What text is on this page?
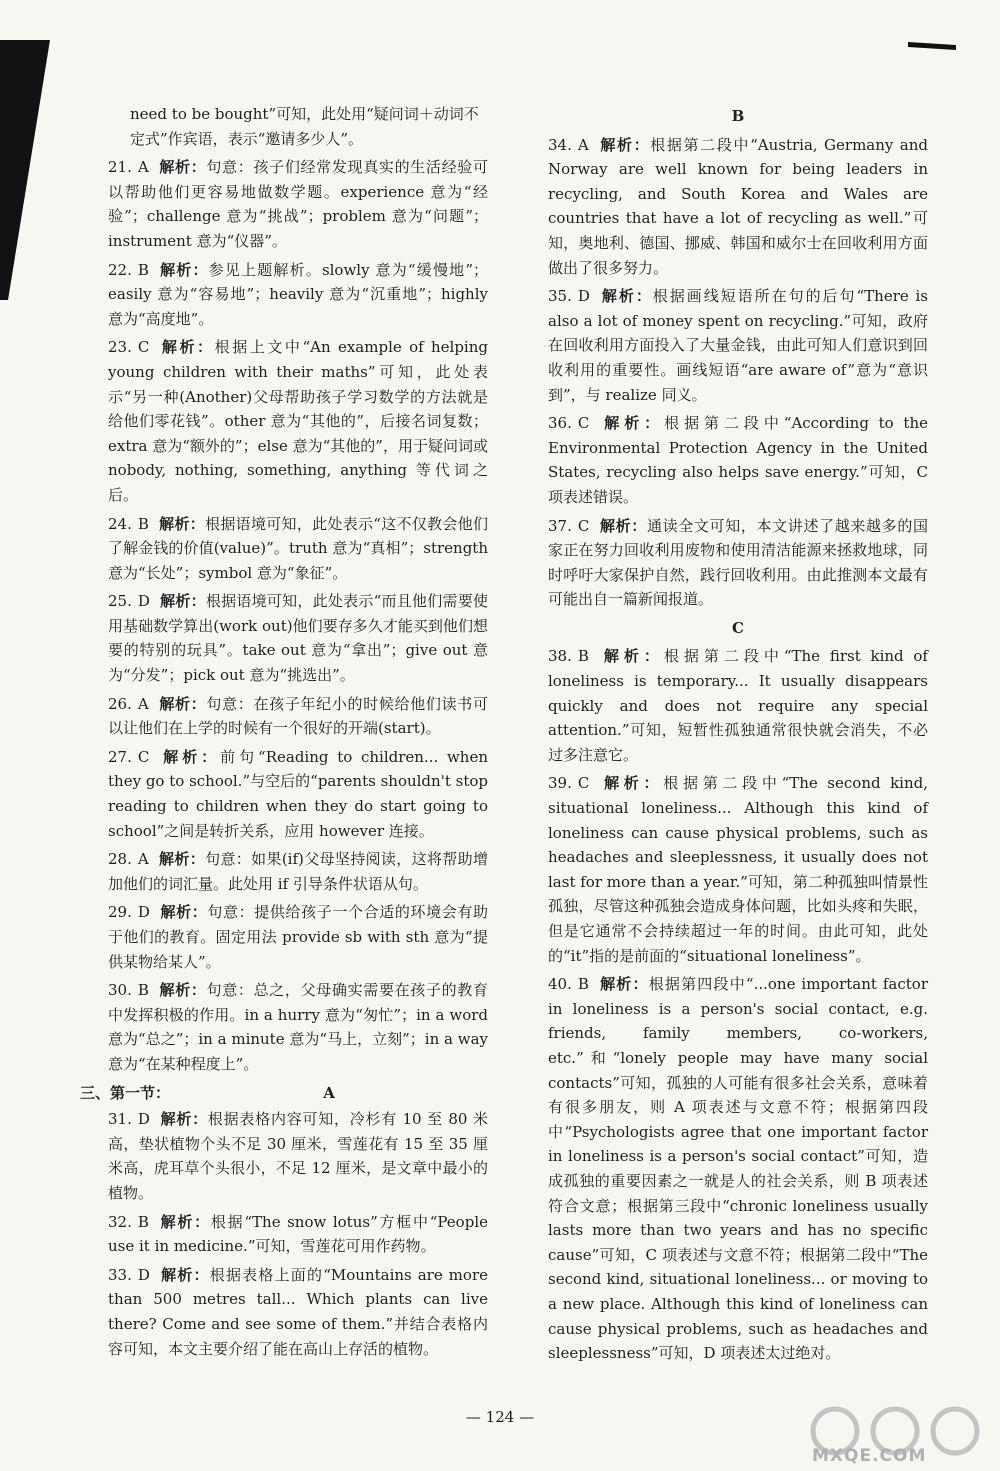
need to be bought”可知，此处用“疑问词＋动词不定式”作宾语，表示“邀请多少人”。
21. A 解析：句意：孩子们经常发现真实的生活经验可以帮助他们更容易地做数学题。experience 意为“经验”；challenge 意为“挑战”；problem 意为“问题”；instrument 意为“仪器”。
22. B 解析：参见上题解析。slowly 意为“缓慢地”；easily 意为“容易地”；heavily 意为“沉重地”；highly 意为“高度地”。
23. C 解析：根据上文中“An example of helping young children with their maths”可知，此处表示“另一种(Another)父母帮助孩子学习数学的方法就是给他们零花钱”。other 意为“其他的”，后接名词复数；extra 意为“额外的”；else 意为“其他的”，用于疑问词或 nobody, nothing, something, anything 等代词之后。
24. B 解析：根据语境可知，此处表示“这不仅教会他们了解金钱的价值(value)”。truth 意为“真相”；strength 意为“长处”；symbol 意为“象征”。
25. D 解析：根据语境可知，此处表示“而且他们需要使用基础数学算出(work out)他们要存多久才能买到他们想要的特别的玩具”。take out 意为“拿出”；give out 意为“分发”；pick out 意为“挑选出”。
26. A 解析：句意：在孩子年纪小的时候给他们读书可以让他们在上学的时候有一个很好的开端(start)。
27. C 解析：前句“Reading to children... when they go to school.”与空后的“parents shouldn't stop reading to children when they do start going to school”之间是转折关系，应用 however 连接。
28. A 解析：句意：如果(if)父母坚持阅读，这将帮助增加他们的词汇量。此处用 if 引导条件状语从句。
29. D 解析：句意：提供给孩子一个合适的环境会有助于他们的教育。固定用法 provide sb with sth 意为“提供某物给某人”。
30. B 解析：句意：总之，父母确实需要在孩子的教育中发挥积极的作用。in a hurry 意为“匆忙”；in a word 意为“总之”；in a minute 意为“马上，立刻”；in a way 意为“在某种程度上”。
三、第一节：	A
31. D 解析：根据表格内容可知，冷杉有 10 至 80 米高，垫状植物个头不足 30 厘米，雪莲花有 15 至 35 厘米高，虎耳草个头很小，不足 12 厘米，是文章中最小的植物。
32. B 解析：根据“The snow lotus”方框中“People use it in medicine.”可知，雪莲花可用作药物。
33. D 解析：根据表格上面的“Mountains are more than 500 metres tall... Which plants can live there? Come and see some of them.”并结合表格内容可知，本文主要介绍了能在高山上存活的植物。
B
34. A 解析：根据第二段中“Austria, Germany and Norway are well known for being leaders in recycling, and South Korea and Wales are countries that have a lot of recycling as well.”可知，奥地利、德国、挪威、韩国和威尔士在回收利用方面做出了很多努力。
35. D 解析：根据画线短语所在句的后句“There is also a lot of money spent on recycling.”可知，政府在回收利用方面投入了大量金钱，由此可知人们意识到回收利用的重要性。画线短语“are aware of”意为“意识到”，与 realize 同义。
36. C 解析：根据第二段中“According to the Environmental Protection Agency in the United States, recycling also helps save energy.”可知，C 项表述错误。
37. C 解析：通读全文可知，本文讲述了越来越多的国家正在努力回收利用废物和使用清洁能源来拯救地球，同时呼吁大家保护自然，践行回收利用。由此推测本文最有可能出自一篇新闻报道。
C
38. B 解析：根据第二段中“The first kind of loneliness is temporary... It usually disappears quickly and does not require any special attention.”可知，短暂性孤独通常很快就会消失，不必过多注意它。
39. C 解析：根据第二段中“The second kind, situational loneliness... Although this kind of loneliness can cause physical problems, such as headaches and sleeplessness, it usually does not last for more than a year.”可知，第二种孤独叫情景性孤独，尽管这种孤独会造成身体问题，比如头疼和失眠，但是它通常不会持续超过一年的时间。由此可知，此处的“it”指的是前面的“situational loneliness”。
40. B 解析：根据第四段中“...one important factor in loneliness is a person's social contact, e.g. friends, family members, co-workers, etc.”和“lonely people may have many social contacts”可知，孤独的人可能有很多社会关系，意味着有很多朋友，则 A 项表述与文意不符；根据第四段中“Psychologists agree that one important factor in loneliness is a person's social contact”可知，造成孤独的重要因素之一就是人的社会关系，则 B 项表述符合文意；根据第三段中“chronic loneliness usually lasts more than two years and has no specific cause”可知，C 项表述与文意不符；根据第二段中“The second kind, situational loneliness... or moving to a new place. Although this kind of loneliness can cause physical problems, such as headaches and sleeplessness”可知，D 项表述太过绝对。
— 124 —
MXQE.COM
